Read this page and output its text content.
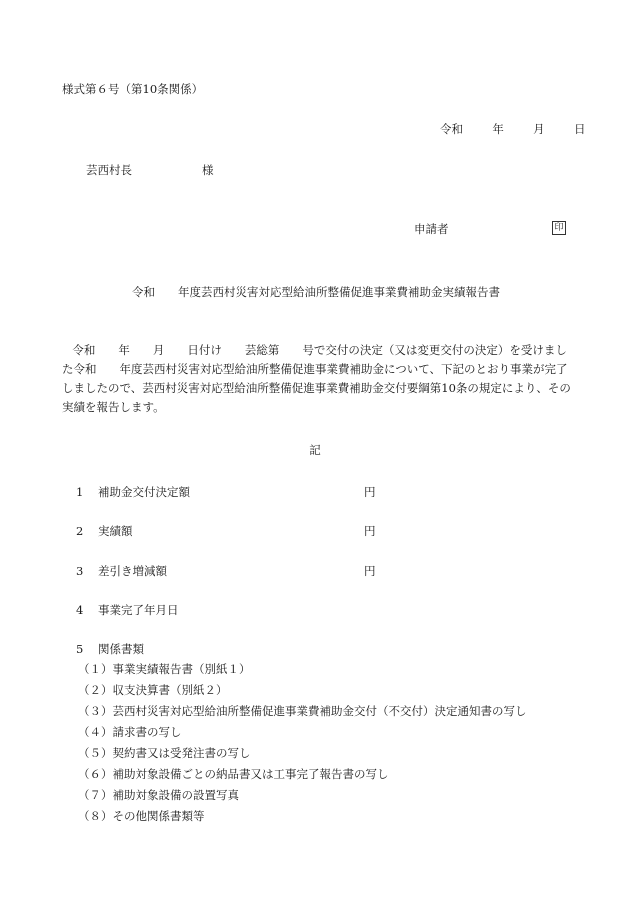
様式第６号（第10条関係）
令和	年	月	日
芸西村長	様
申請者	印
令和　　年度芸西村災害対応型給油所整備促進事業費補助金実績報告書
令和　　年　　月　　日付け　　芸総第　　号で交付の決定（又は変更交付の決定）を受けまし
た令和　　年度芸西村災害対応型給油所整備促進事業費補助金について、下記のとおり事業が完了
しましたので、芸西村災害対応型給油所整備促進事業費補助金交付要綱第10条の規定により、その
実績を報告します。
記
1 補助金交付決定額	円
2 実績額	円
3 差引き増減額	円
4 事業完了年月日
5 関係書類
（１）事業実績報告書（別紙１）
（２）収支決算書（別紙２）
（３）芸西村災害対応型給油所整備促進事業費補助金交付（不交付）決定通知書の写し
（４）請求書の写し
（５）契約書又は受発注書の写し
（６）補助対象設備ごとの納品書又は工事完了報告書の写し
（７）補助対象設備の設置写真
（８）その他関係書類等
